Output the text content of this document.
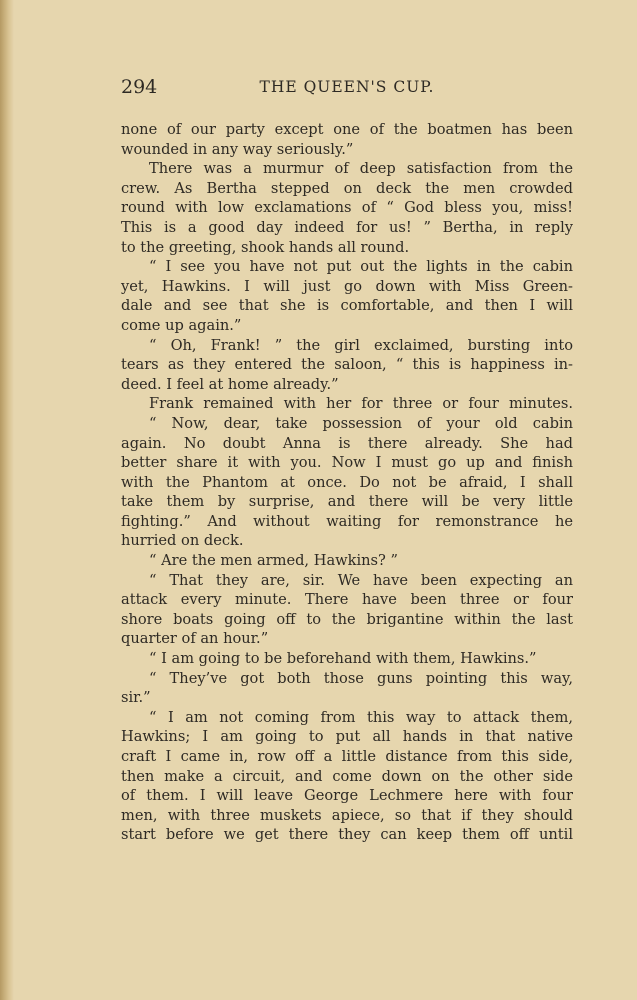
294	THE QUEEN'S CUP.
none of our party except one of the boatmen has been
wounded in any way seriously.”
There was a murmur of deep satisfaction from the
crew. As Bertha stepped on deck the men crowded
round with low exclamations of “ God bless you, miss!
This is a good day indeed for us! ” Bertha, in reply
to the greeting, shook hands all round.
“ I see you have not put out the lights in the cabin
yet, Hawkins. I will just go down with Miss Green-
dale and see that she is comfortable, and then I will
come up again.”
“ Oh, Frank! ” the girl exclaimed, bursting into
tears as they entered the saloon, “ this is happiness in-
deed. I feel at home already.”
Frank remained with her for three or four minutes.
“ Now, dear, take possession of your old cabin
again. No doubt Anna is there already. She had
better share it with you. Now I must go up and finish
with the Phantom at once. Do not be afraid, I shall
take them by surprise, and there will be very little
fighting.” And without waiting for remonstrance he
hurried on deck.
“ Are the men armed, Hawkins? ”
“ That they are, sir. We have been expecting an
attack every minute. There have been three or four
shore boats going off to the brigantine within the last
quarter of an hour.”
“ I am going to be beforehand with them, Hawkins.”
“ They’ve got both those guns pointing this way,
sir.”
“ I am not coming from this way to attack them,
Hawkins; I am going to put all hands in that native
craft I came in, row off a little distance from this side,
then make a circuit, and come down on the other side
of them. I will leave George Lechmere here with four
men, with three muskets apiece, so that if they should
start before we get there they can keep them off until
